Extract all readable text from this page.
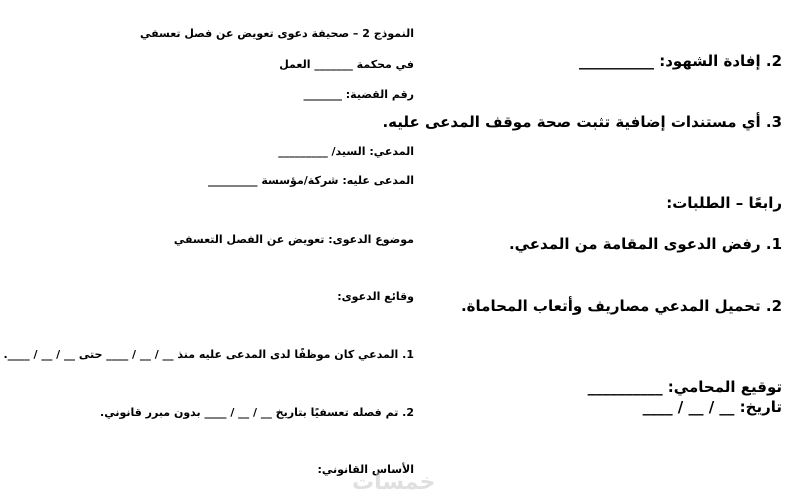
النموذج 2 – صحيفة دعوى تعويض عن فصل تعسفي

في محكمة _______ العمل

رقم القضية: _______

المدعي: السيد/ _________

المدعى عليه: شركة/مؤسسة _________

موضوع الدعوى: تعويض عن الفصل التعسفي

وقائع الدعوى:

1. المدعي كان موظفًا لدى المدعى عليه منذ __ / __ / ____ حتى __ / __ / ____.

2. تم فصله تعسفيًا بتاريخ __ / __ / ____ بدون مبرر قانوني.

الأساس القانوني:

2. إفادة الشهود: __________

3. أي مستندات إضافية تثبت صحة موقف المدعى عليه.

رابعًا – الطلبات:

1. رفض الدعوى المقامة من المدعي.

2. تحميل المدعي مصاريف وأتعاب المحاماة.

توقيع المحامي: __________

تاريخ: __ / __ / ____

خمسات
